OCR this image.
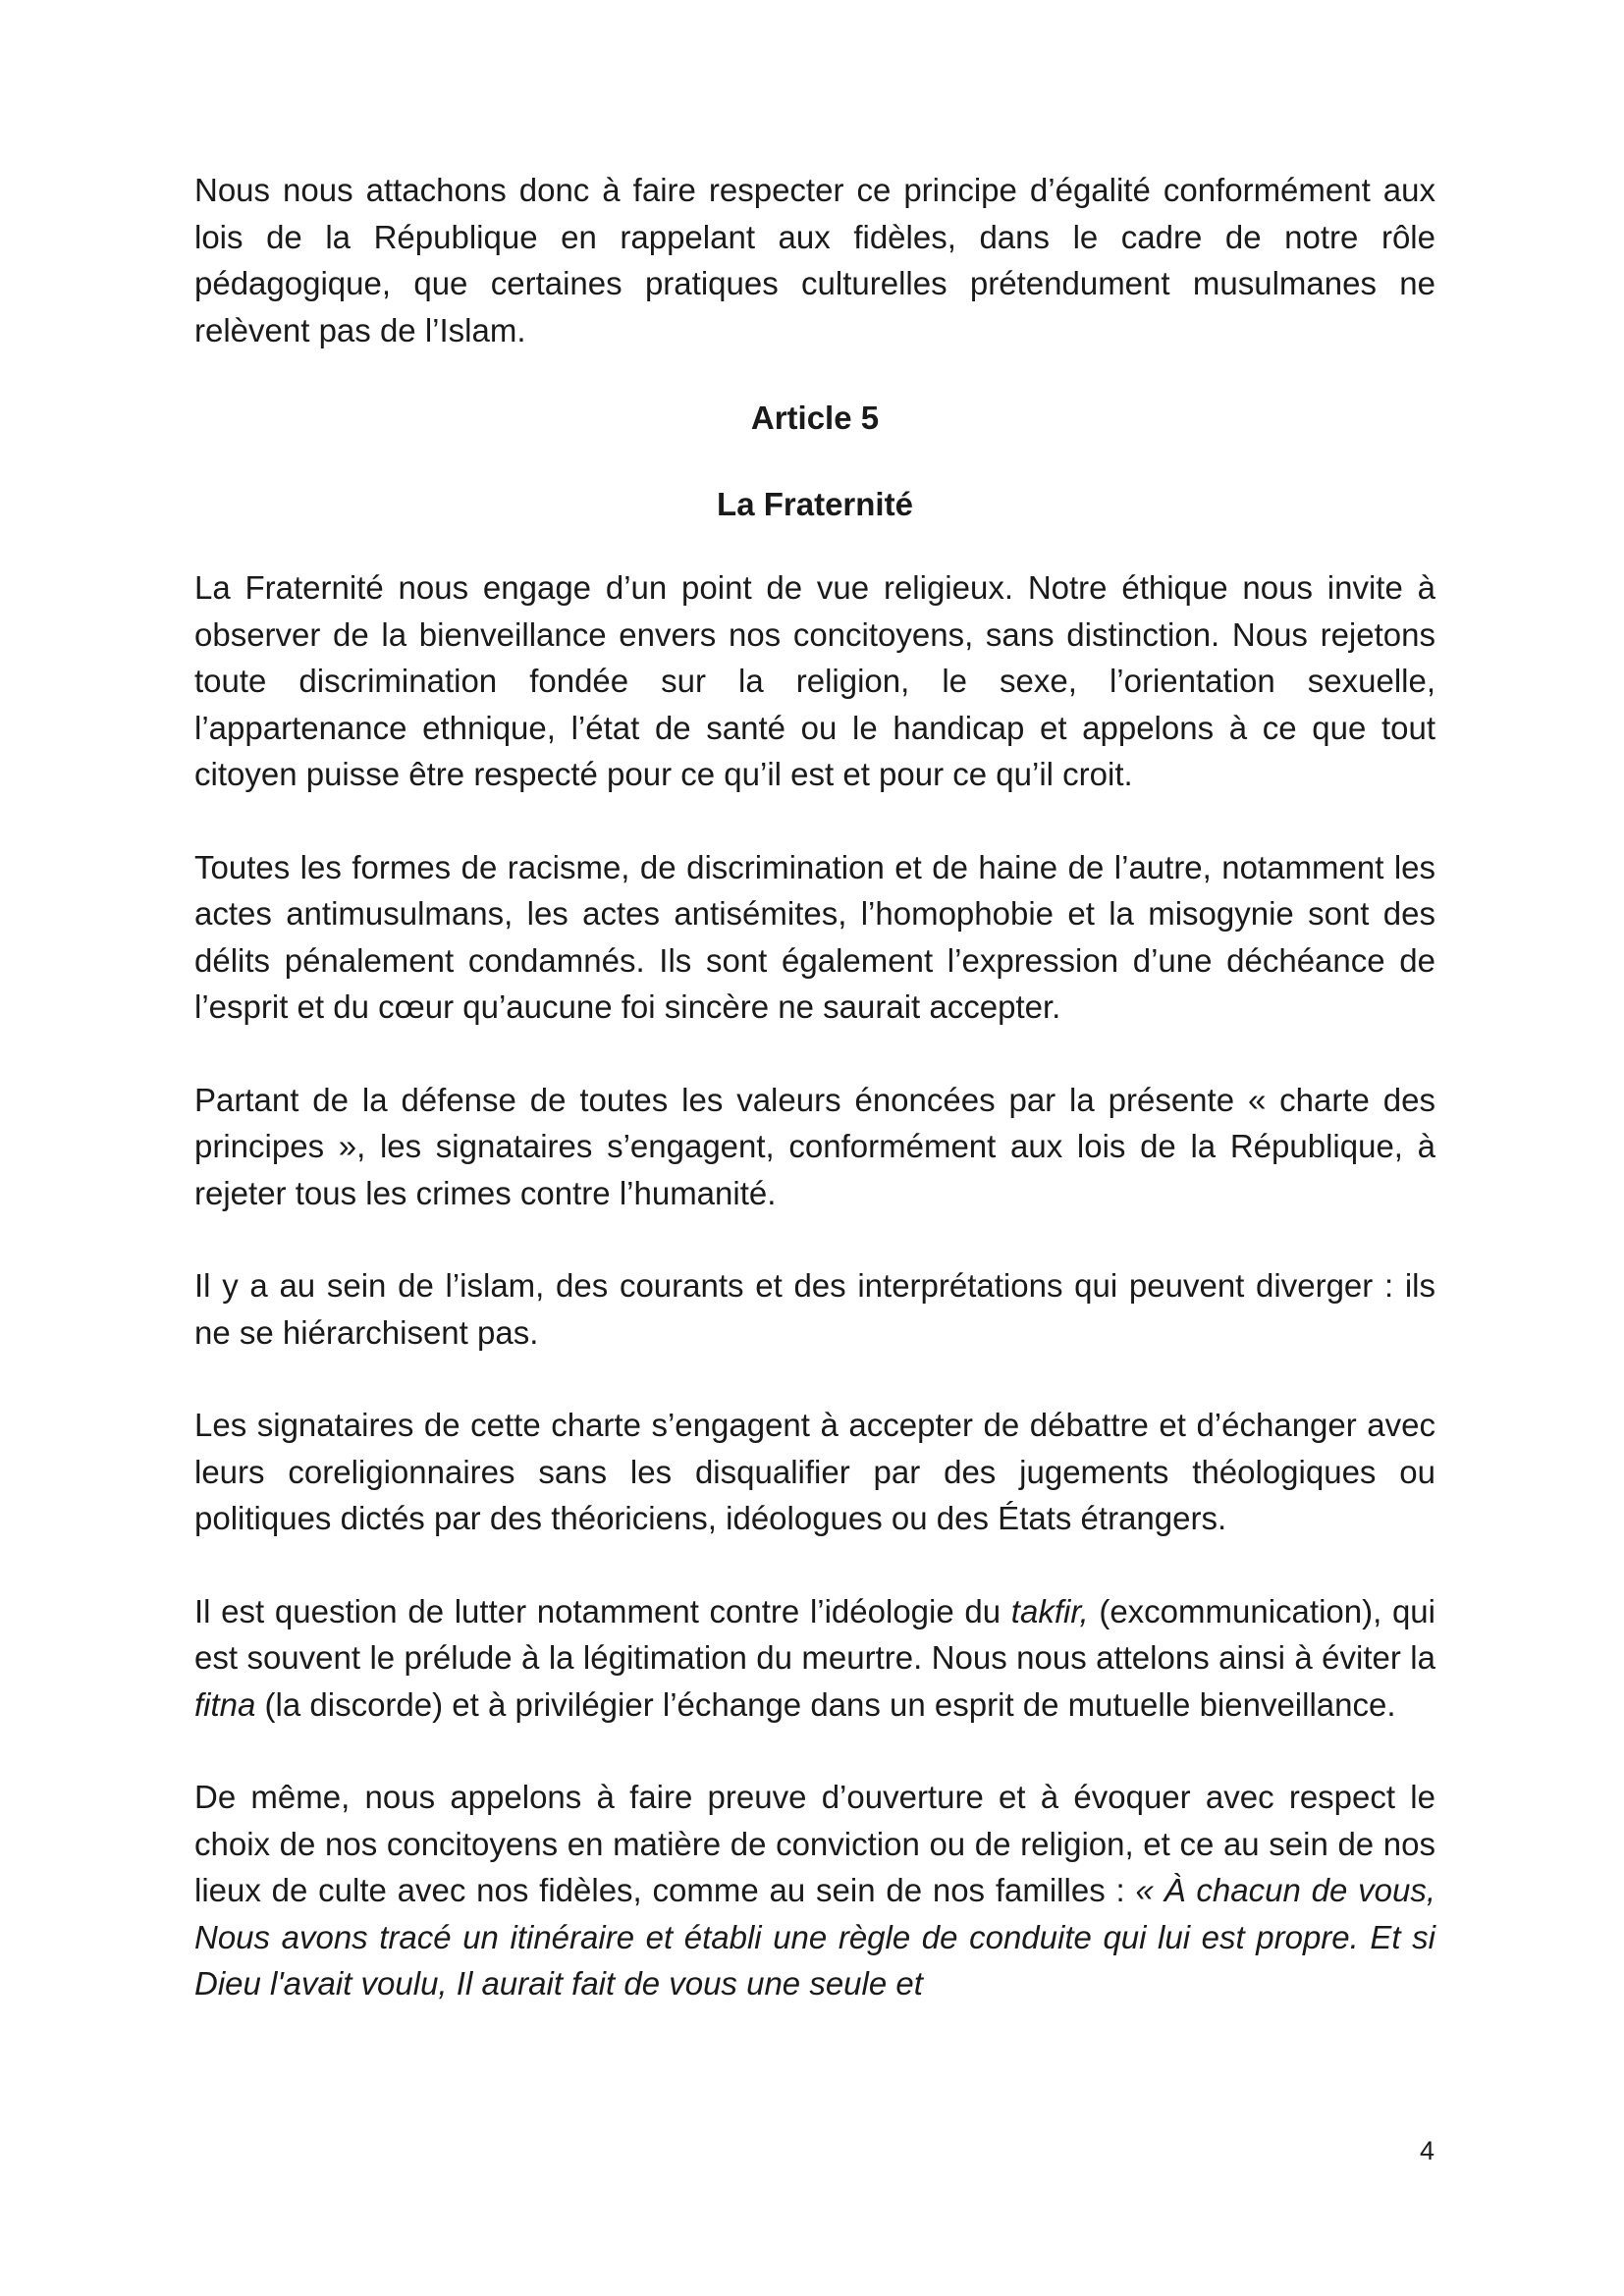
Nous nous attachons donc à faire respecter ce principe d’égalité conformément aux lois de la République en rappelant aux fidèles, dans le cadre de notre rôle pédagogique, que certaines pratiques culturelles prétendument musulmanes ne relèvent pas de l’Islam.

Article 5
La Fraternité

La Fraternité nous engage d’un point de vue religieux. Notre éthique nous invite à observer de la bienveillance envers nos concitoyens, sans distinction. Nous rejetons toute discrimination fondée sur la religion, le sexe, l’orientation sexuelle, l’appartenance ethnique, l’état de santé ou le handicap et appelons à ce que tout citoyen puisse être respecté pour ce qu’il est et pour ce qu’il croit.

Toutes les formes de racisme, de discrimination et de haine de l’autre, notamment les actes antimusulmans, les actes antisémites, l’homophobie et la misogynie sont des délits pénalement condamnés. Ils sont également l’expression d’une déchéance de l’esprit et du cœur qu’aucune foi sincère ne saurait accepter.

Partant de la défense de toutes les valeurs énoncées par la présente « charte des principes », les signataires s’engagent, conformément aux lois de la République, à rejeter tous les crimes contre l’humanité.

Il y a au sein de l’islam, des courants et des interprétations qui peuvent diverger : ils ne se hiérarchisent pas.

Les signataires de cette charte s’engagent à accepter de débattre et d’échanger avec leurs coreligionnaires sans les disqualifier par des jugements théologiques ou politiques dictés par des théoriciens, idéologues ou des États étrangers.

Il est question de lutter notamment contre l’idéologie du takfir, (excommunication), qui est souvent le prélude à la légitimation du meurtre. Nous nous attelons ainsi à éviter la fitna (la discorde) et à privilégier l’échange dans un esprit de mutuelle bienveillance.

De même, nous appelons à faire preuve d’ouverture et à évoquer avec respect le choix de nos concitoyens en matière de conviction ou de religion, et ce au sein de nos lieux de culte avec nos fidèles, comme au sein de nos familles : « À chacun de vous, Nous avons tracé un itinéraire et établi une règle de conduite qui lui est propre. Et si Dieu l'avait voulu, Il aurait fait de vous une seule et

4
